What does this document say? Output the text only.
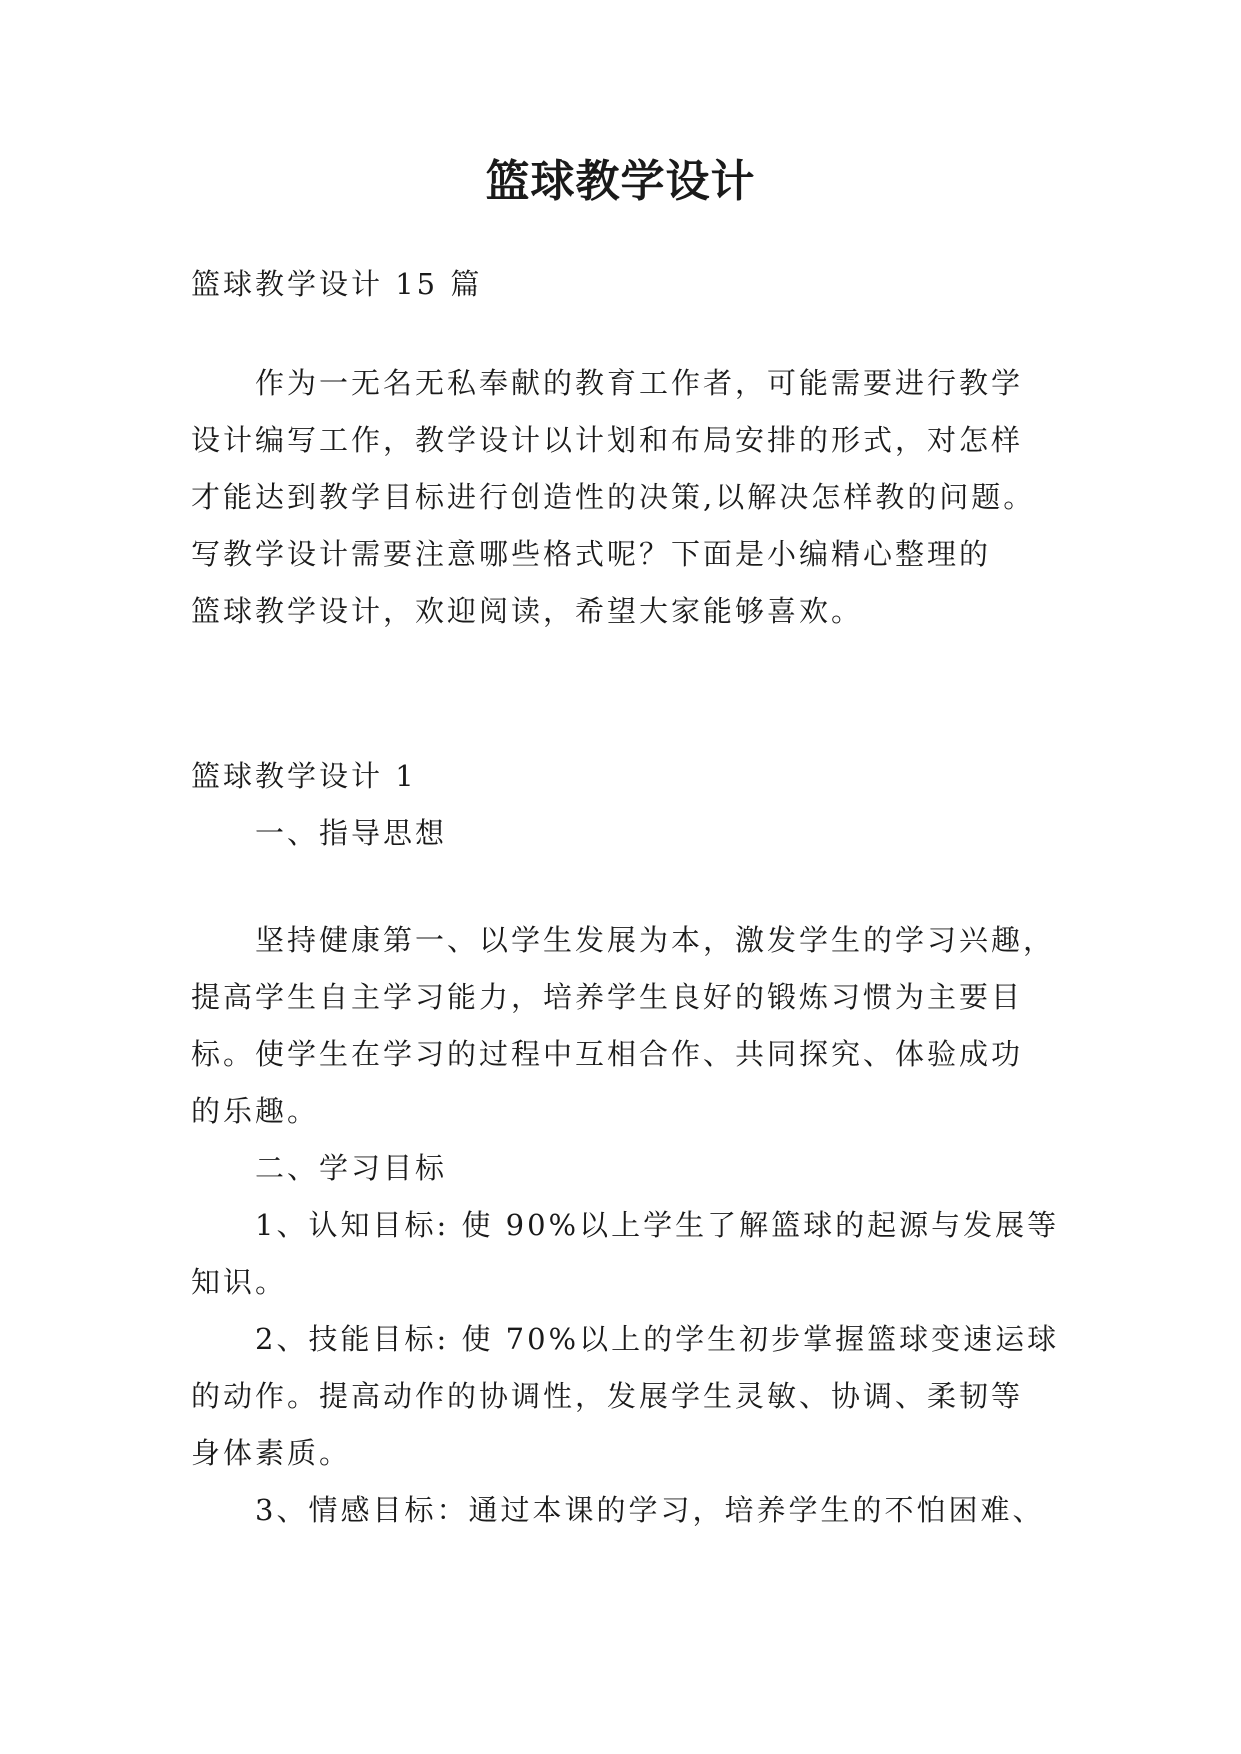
篮球教学设计
篮球教学设计 15 篇
作为一无名无私奉献的教育工作者，可能需要进行教学
设计编写工作，教学设计以计划和布局安排的形式，对怎样
才能达到教学目标进行创造性的决策,以解决怎样教的问题。
写教学设计需要注意哪些格式呢？下面是小编精心整理的
篮球教学设计，欢迎阅读，希望大家能够喜欢。
篮球教学设计 1
一、指导思想
坚持健康第一、以学生发展为本，激发学生的学习兴趣，
提高学生自主学习能力，培养学生良好的锻炼习惯为主要目
标。使学生在学习的过程中互相合作、共同探究、体验成功
的乐趣。
二、学习目标
1、认知目标: 使 90%以上学生了解篮球的起源与发展等
知识。
2、技能目标: 使 70%以上的学生初步掌握篮球变速运球
的动作。提高动作的协调性，发展学生灵敏、协调、柔韧等
身体素质。
3、情感目标：通过本课的学习，培养学生的不怕困难、
